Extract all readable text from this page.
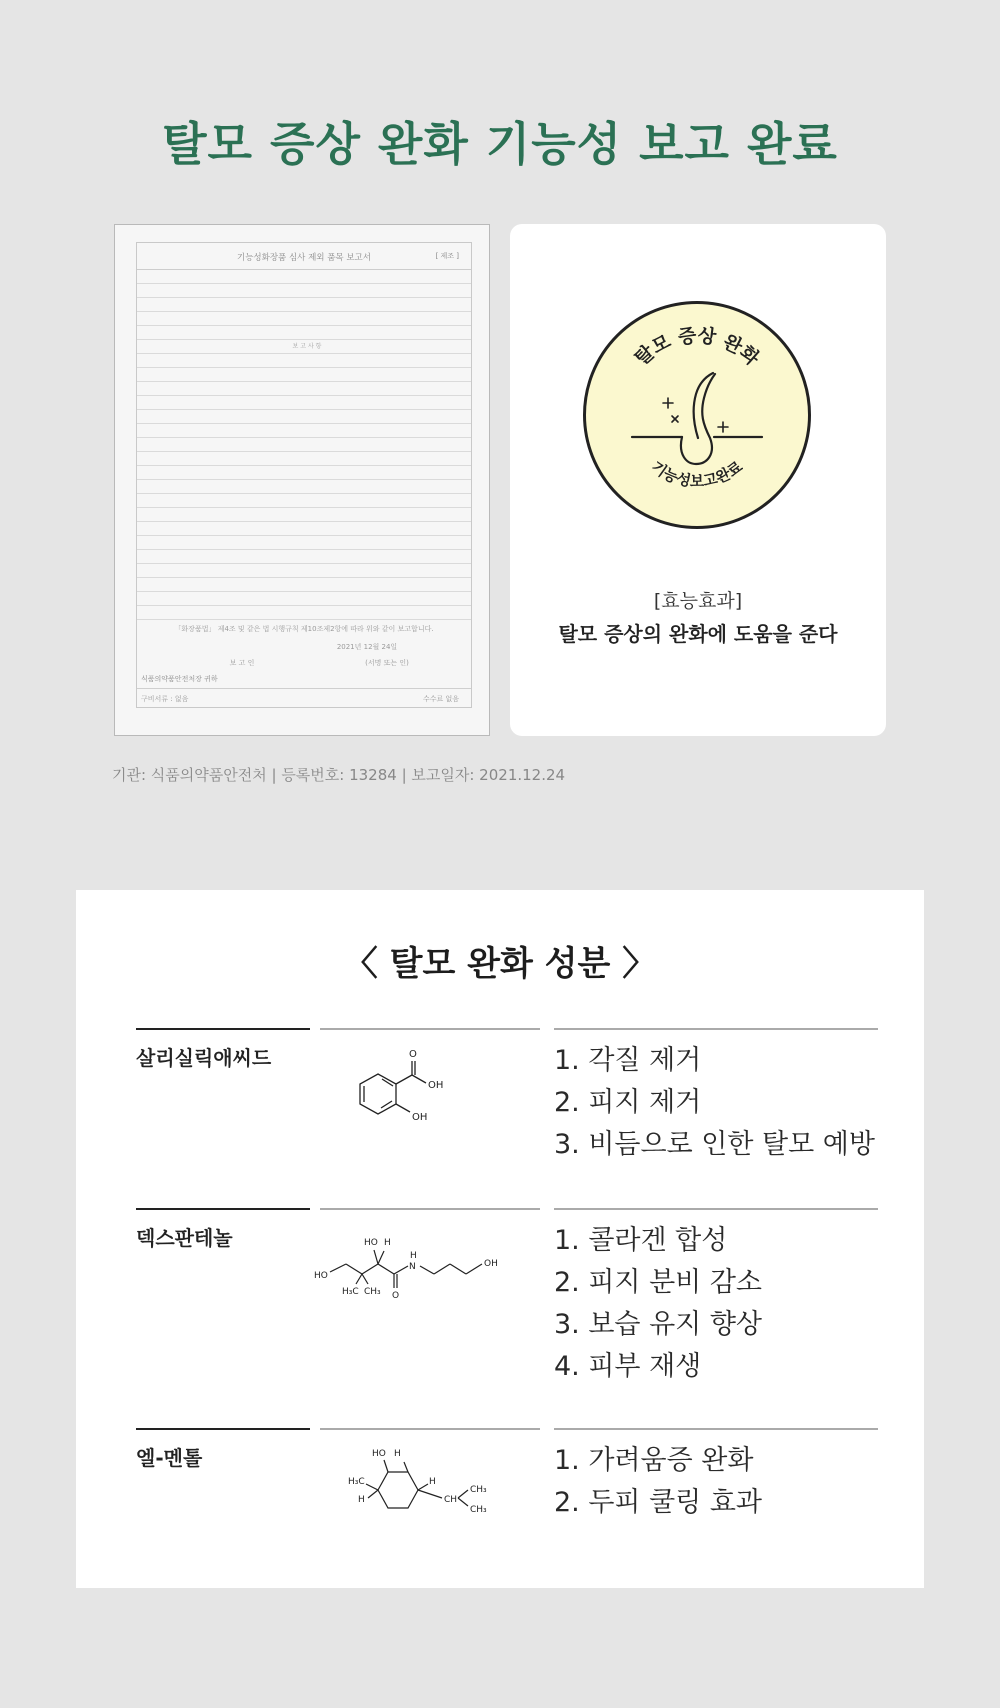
탈모 증상 완화 기능성 보고 완료
기능성화장품 심사 제외 품목 보고서	[ 제조 ]
보 고 사 항
「화장품법」 제4조 및 같은 법 시행규칙 제10조제2항에 따라 위와 같이 보고합니다.
2021년 12월 24일
보 고 인	(서명 또는 인)
식품의약품안전처장 귀하
구비서류 : 없음	수수료 없음
탈모 증상 완화
기능성보고완료
[효능효과]
탈모 증상의 완화에 도움을 준다
기관: 식품의약품안전처 | 등록번호: 13284 | 보고일자: 2021.12.24
〈 탈모 완화 성분 〉
살리실릭애씨드	O
OH
OH
1. 각질 제거
2. 피지 제거
3. 비듬으로 인한 탈모 예방
덱스판테놀	HO H
N
H
OH
HO
H₃C CH₃ O
1. 콜라겐 합성
2. 피지 분비 감소
3. 보습 유지 향상
4. 피부 재생
엘-멘톨	HO H
H₃C
H
H
CH
CH₃
CH₃
1. 가려움증 완화
2. 두피 쿨링 효과
